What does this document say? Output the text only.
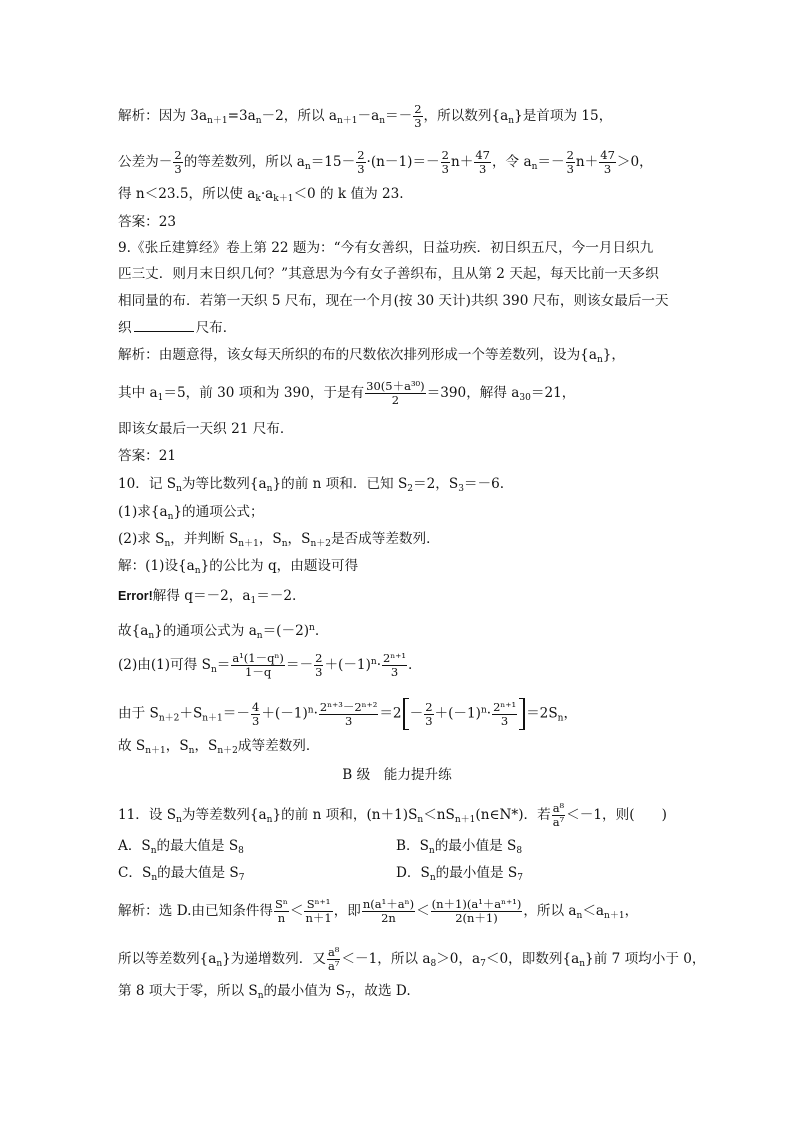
解析：因为 $3a_{n+1}=3a_n-2$，所以 $a_{n+1}-a_n=- \frac{2}{3}$ ，所以数列$\{a_n\}$是首项为 15，
公差为－ $\frac{2}{3}$ 的等差数列，所以 $a_n=15- \frac{2}{3} \cdot(n-1)=- \frac{2}{3} n+ \frac{47}{3}$ ，令 $a_n=- \frac{2}{3} n+ \frac{47}{3} >0$，
得 n＜23.5，所以使 $a_k\cdot a_{k+1}<0$ 的 k 值为 23.
答案：23
9.《张丘建算经》卷上第 22 题为：“今有女善织，日益功疾．初日织五尺，今一月日织九
匹三丈．则月末日织几何？”其意思为今有女子善织布，且从第 2 天起，每天比前一天多织
相同量的布．若第一天织 5 尺布，现在一个月(按 30 天计)共织 390 尺布，则该女最后一天
织	尺布．
解析：由题意得，该女每天所织的布的尺数依次排列形成一个等差数列，设为$\{a_n\}$，
其中 $a_1=5$，前 30 项和为 390，于是有 $\frac{\text{30(5＋a³⁰)}}{2} =390$，解得 $a_{30}=21$，
即该女最后一天织 21 尺布．
答案：21
10．记 $S_n$为等比数列$\{a_n\}$的前 n 项和．已知 $S_2=2$，$S_3=-6$.
(1)求$\{a_n\}$的通项公式；
(2)求 $S_n$，并判断 $S_{n+1}$，$S_n$，$S_{n+2}$是否成等差数列．
解：(1)设$\{a_n\}$的公比为 q，由题设可得
Error!解得 q＝－2，$a_1=-2$.
故$\{a_n\}$的通项公式为 $a_n=(-2)^n$.
(2)由(1)可得 $S_n= \frac{\text{a¹(1－qⁿ)}}{1-q} =- \frac{2}{3} +(-1)^n\cdot \frac{\text{2ⁿ⁺¹}}{3}$ .
由于 $S_{n+2}+S_{n+1}=- \frac{4}{3} +(-1)^n\cdot \frac{\text{2ⁿ⁺³－2ⁿ⁺²}}{3} =2 - \frac{2}{3} +(-1)^n\cdot \frac{\text{2ⁿ⁺¹}}{3} =2S_n$，
故 $S_{n+1}$，$S_n$，$S_{n+2}$成等差数列．
B 级　能力提升练
11．设 $S_n$为等差数列$\{a_n\}$的前 n 项和，$(n+1)S_n<nS_{n+1}(n\in N*)$．若 $\frac{\text{a⁸}}{\text{a⁷}} <-1$，则(　　)
A．$S_n$的最大值是 $S_8$	B．$S_n$的最小值是 $S_8$
C．$S_n$的最大值是 $S_7$	D．$S_n$的最小值是 $S_7$
解析：选 D.由已知条件得 $\frac{\text{Sⁿ}}{n} < \frac{\text{Sⁿ⁺¹}}{n+1}$ ，即 $\frac{\text{n(a¹＋aⁿ)}}{2n} < \frac{\text{(n＋1)(a¹＋aⁿ⁺¹)}}{2(n+1)}$ ，所以 $a_n<a_{n+1}$，
所以等差数列$\{a_n\}$为递增数列．又 $\frac{\text{a⁸}}{\text{a⁷}} <-1$，所以 $a_8>0$，$a_7<0$，即数列$\{a_n\}$前 7 项均小于 0，
第 8 项大于零，所以 $S_n$的最小值为 $S_7$，故选 D.
